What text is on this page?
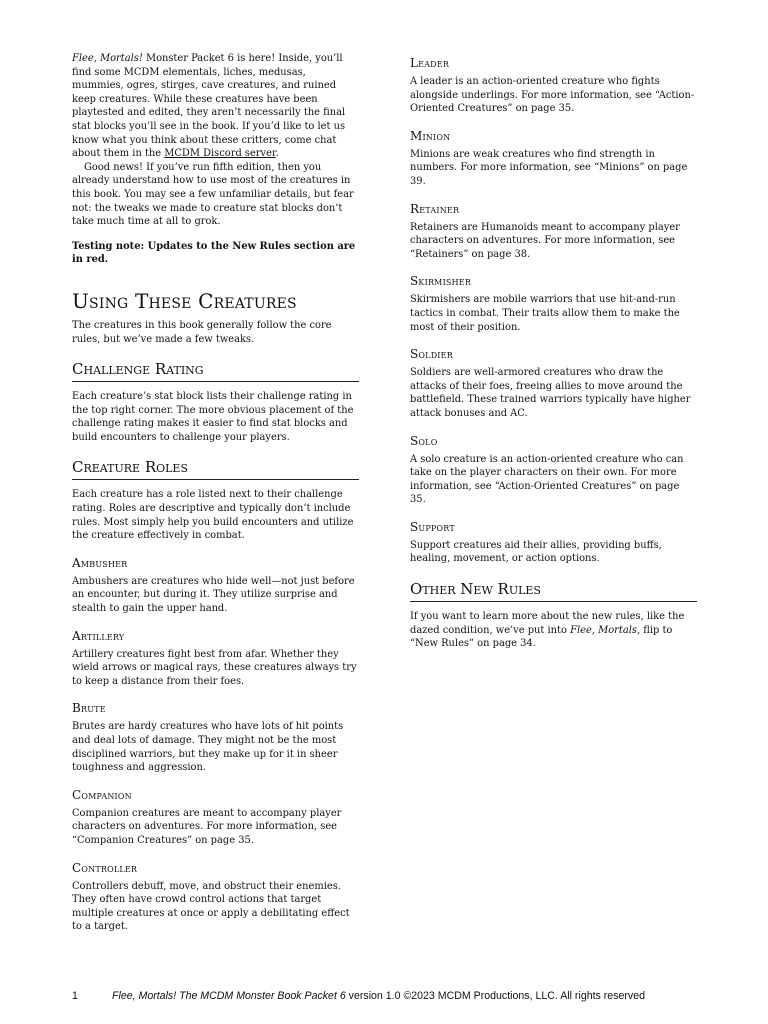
Flee, Mortals! Monster Packet 6 is here! Inside, you’ll find some MCDM elementals, liches, medusas, mummies, ogres, stirges, cave creatures, and ruined keep creatures. While these creatures have been playtested and edited, they aren’t necessarily the final stat blocks you’ll see in the book. If you’d like to let us know what you think about these critters, come chat about them in the MCDM Discord server.

Good news! If you’ve run fifth edition, then you already understand how to use most of the creatures in this book. You may see a few unfamiliar details, but fear not: the tweaks we made to creature stat blocks don’t take much time at all to grok.

Testing note: Updates to the New Rules section are in red.

Using These Creatures

The creatures in this book generally follow the core rules, but we’ve made a few tweaks.

Challenge Rating

Each creature’s stat block lists their challenge rating in the top right corner. The more obvious placement of the challenge rating makes it easier to find stat blocks and build encounters to challenge your players.

Creature Roles

Each creature has a role listed next to their challenge rating. Roles are descriptive and typically don’t include rules. Most simply help you build encounters and utilize the creature effectively in combat.

Ambusher

Ambushers are creatures who hide well—not just before an encounter, but during it. They utilize surprise and stealth to gain the upper hand.

Artillery

Artillery creatures fight best from afar. Whether they wield arrows or magical rays, these creatures always try to keep a distance from their foes.

Brute

Brutes are hardy creatures who have lots of hit points and deal lots of damage. They might not be the most disciplined warriors, but they make up for it in sheer toughness and aggression.

Companion

Companion creatures are meant to accompany player characters on adventures. For more information, see “Companion Creatures” on page 35.

Controller

Controllers debuff, move, and obstruct their enemies. They often have crowd control actions that target multiple creatures at once or apply a debilitating effect to a target.

Leader

A leader is an action-oriented creature who fights alongside underlings. For more information, see “Action-Oriented Creatures” on page 35.

Minion

Minions are weak creatures who find strength in numbers. For more information, see “Minions” on page 39.

Retainer

Retainers are Humanoids meant to accompany player characters on adventures. For more information, see “Retainers” on page 38.

Skirmisher

Skirmishers are mobile warriors that use hit-and-run tactics in combat. Their traits allow them to make the most of their position.

Soldier

Soldiers are well-armored creatures who draw the attacks of their foes, freeing allies to move around the battlefield. These trained warriors typically have higher attack bonuses and AC.

Solo

A solo creature is an action-oriented creature who can take on the player characters on their own. For more information, see “Action-Oriented Creatures” on page 35.

Support

Support creatures aid their allies, providing buffs, healing, movement, or action options.

Other New Rules

If you want to learn more about the new rules, like the dazed condition, we’ve put into Flee, Mortals, flip to “New Rules” on page 34.

1	Flee, Mortals! The MCDM Monster Book Packet 6 version 1.0 ©2023 MCDM Productions, LLC. All rights reserved
